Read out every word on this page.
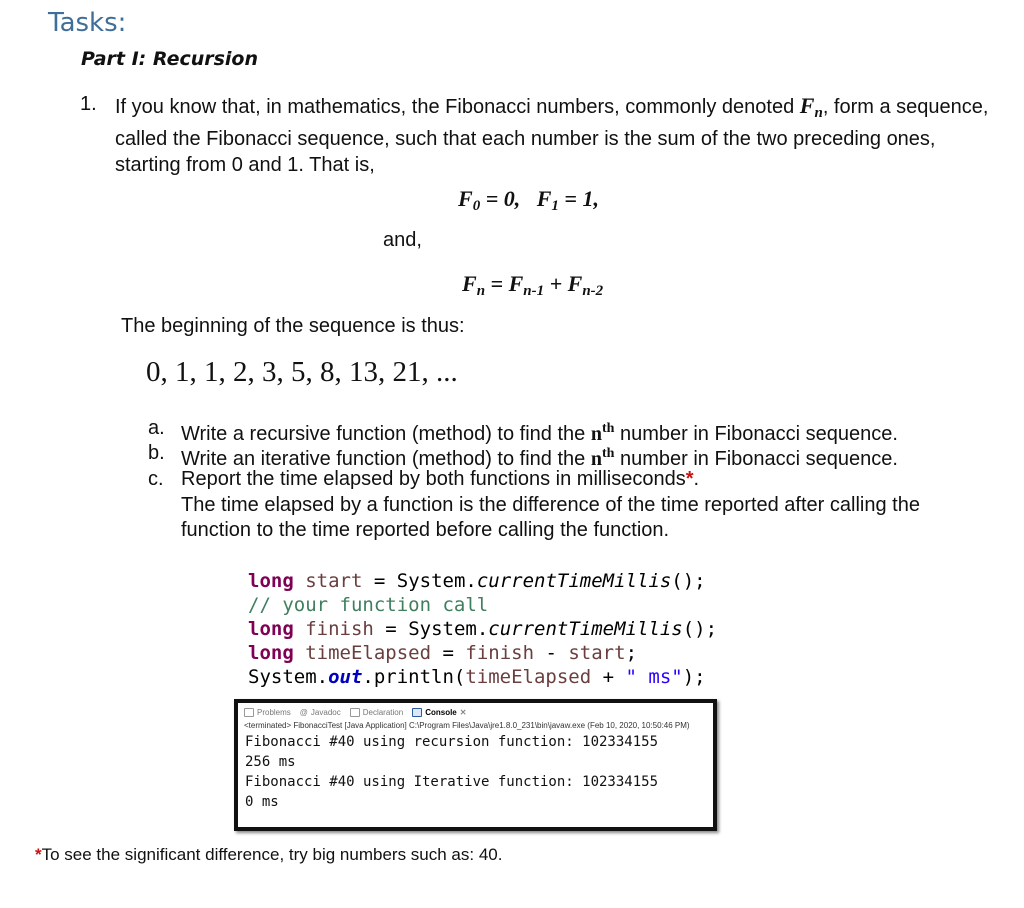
Tasks:
Part I: Recursion
1. If you know that, in mathematics, the Fibonacci numbers, commonly denoted $F_n$, form a sequence, called the Fibonacci sequence, such that each number is the sum of the two preceding ones, starting from 0 and 1. That is,
$F_0 = 0$, $F_1 = 1$,
and,
$F_n = F_{n-1} + F_{n-2}$
The beginning of the sequence is thus:
0, 1, 1, 2, 3, 5, 8, 13, 21, ...
a. Write a recursive function (method) to find the $n^{th}$ number in Fibonacci sequence.
b. Write an iterative function (method) to find the $n^{th}$ number in Fibonacci sequence.
c. Report the time elapsed by both functions in milliseconds*.
The time elapsed by a function is the difference of the time reported after calling the
function to the time reported before calling the function.
long start = System.currentTimeMillis();
// your function call
long finish = System.currentTimeMillis();
long timeElapsed = finish - start;
System.out.println(timeElapsed + " ms");
Problems @ Javadoc	Declaration	Console ✕
<terminated> FibonacciTest [Java Application] C:\Program Files\Java\jre1.8.0_231\bin\javaw.exe (Feb 10, 2020, 10:50:46 PM)
Fibonacci #40 using recursion function: 102334155
256 ms
Fibonacci #40 using Iterative function: 102334155
0 ms
*To see the significant difference, try big numbers such as: 40.
